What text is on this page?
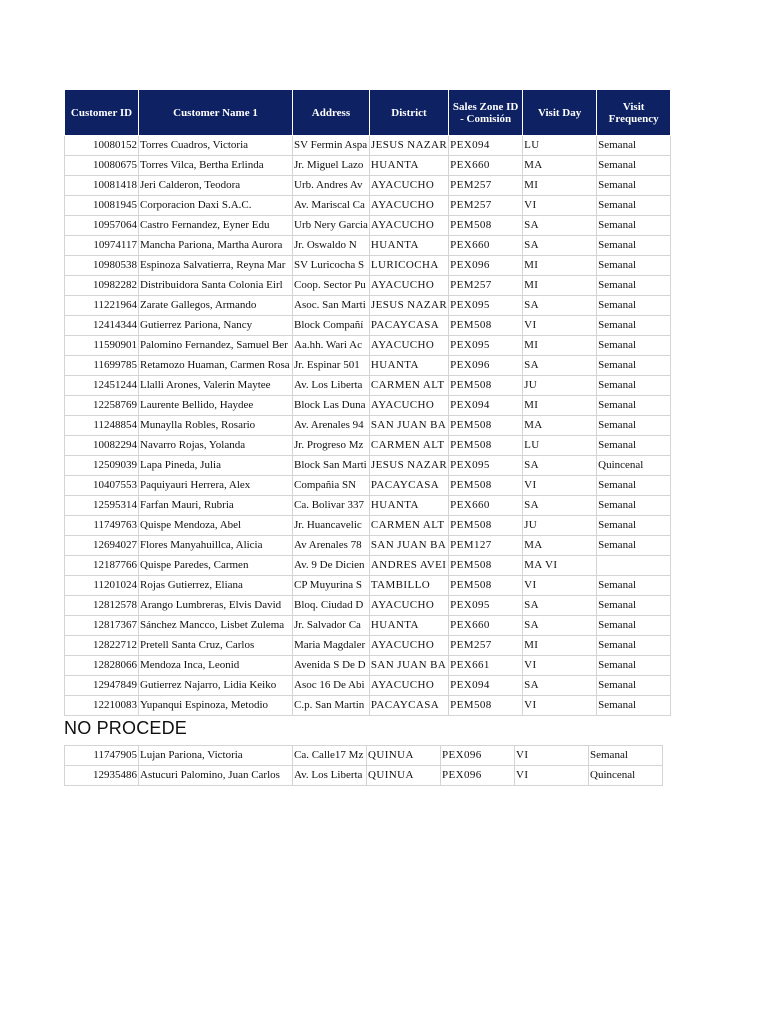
Customer ID	Customer Name 1	Address	District	Sales Zone ID - Comisión	Visit Day	Visit Frequency
10080152	Torres Cuadros, Victoria	SV Fermin Aspa	JESUS NAZAR	PEX094	LU	Semanal
10080675	Torres Vilca, Bertha Erlinda	Jr. Miguel Lazo	HUANTA	PEX660	MA	Semanal
10081418	Jeri Calderon, Teodora	Urb. Andres Av	AYACUCHO	PEM257	MI	Semanal
10081945	Corporacion Daxi S.A.C.	Av. Mariscal Ca	AYACUCHO	PEM257	VI	Semanal
10957064	Castro Fernandez, Eyner Edu	Urb Nery Garcia	AYACUCHO	PEM508	SA	Semanal
10974117	Mancha Pariona, Martha Aurora	Jr. Oswaldo N	HUANTA	PEX660	SA	Semanal
10980538	Espinoza Salvatierra, Reyna Mar	SV Luricocha S	LURICOCHA	PEX096	MI	Semanal
10982282	Distribuidora Santa Colonia Eirl	Coop. Sector Pu	AYACUCHO	PEM257	MI	Semanal
11221964	Zarate Gallegos, Armando	Asoc. San Marti	JESUS NAZAR	PEX095	SA	Semanal
12414344	Gutierrez Pariona, Nancy	Block Compañí	PACAYCASA	PEM508	VI	Semanal
11590901	Palomino Fernandez, Samuel Ber	Aa.hh. Wari Ac	AYACUCHO	PEX095	MI	Semanal
11699785	Retamozo Huaman, Carmen Rosa	Jr. Espinar 501	HUANTA	PEX096	SA	Semanal
12451244	Llalli Arones, Valerin Maytee	Av. Los Liberta	CARMEN ALT	PEM508	JU	Semanal
12258769	Laurente Bellido, Haydee	Block Las Duna	AYACUCHO	PEX094	MI	Semanal
11248854	Munaylla Robles, Rosario	Av. Arenales 94	SAN JUAN BA	PEM508	MA	Semanal
10082294	Navarro Rojas, Yolanda	Jr. Progreso Mz	CARMEN ALT	PEM508	LU	Semanal
12509039	Lapa Pineda, Julia	Block San Marti	JESUS NAZAR	PEX095	SA	Quincenal
10407553	Paquiyauri Herrera, Alex	Compañia SN	PACAYCASA	PEM508	VI	Semanal
12595314	Farfan Mauri, Rubria	Ca. Bolivar 337	HUANTA	PEX660	SA	Semanal
11749763	Quispe Mendoza, Abel	Jr. Huancavelic	CARMEN ALT	PEM508	JU	Semanal
12694027	Flores Manyahuillca, Alicia	Av Arenales 78	SAN JUAN BA	PEM127	MA	Semanal
12187766	Quispe Paredes, Carmen	Av. 9 De Dicien	ANDRES AVEI	PEM508	MA VI	
11201024	Rojas Gutierrez, Eliana	CP Muyurina S	TAMBILLO	PEM508	VI	Semanal
12812578	Arango Lumbreras, Elvis David	Bloq. Ciudad D	AYACUCHO	PEX095	SA	Semanal
12817367	Sánchez Mancco, Lisbet Zulema	Jr. Salvador Ca	HUANTA	PEX660	SA	Semanal
12822712	Pretell Santa Cruz, Carlos	Maria Magdaler	AYACUCHO	PEM257	MI	Semanal
12828066	Mendoza Inca, Leonid	Avenida S De D	SAN JUAN BA	PEX661	VI	Semanal
12947849	Gutierrez Najarro, Lidia Keiko	Asoc 16 De Abi	AYACUCHO	PEX094	SA	Semanal
12210083	Yupanqui Espinoza, Metodio	C.p. San Martin	PACAYCASA	PEM508	VI	Semanal
NO PROCEDE
11747905	Lujan Pariona, Victoria	Ca. Calle17 Mz	QUINUA	PEX096	VI	Semanal
12935486	Astucuri Palomino, Juan Carlos	Av. Los Liberta	QUINUA	PEX096	VI	Quincenal
